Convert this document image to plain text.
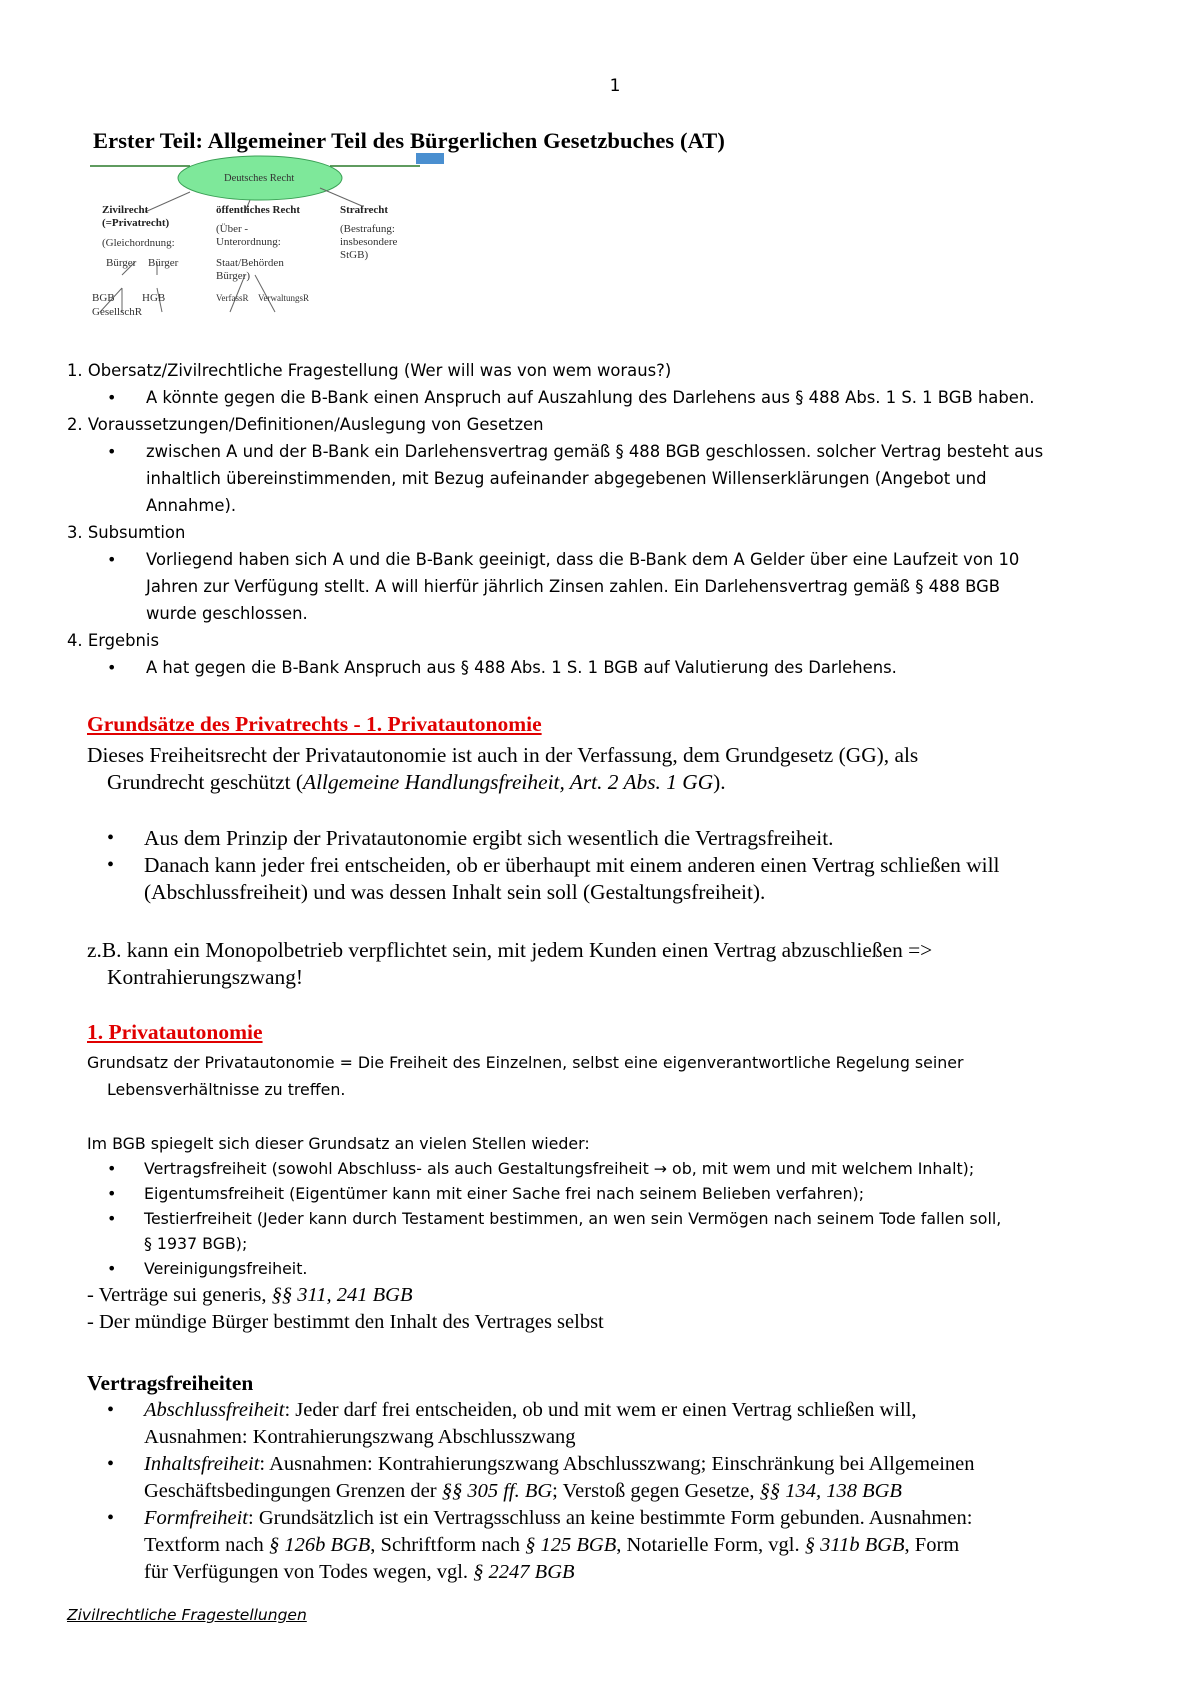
1
Erster Teil: Allgemeiner Teil des Bürgerlichen Gesetzbuches (AT)
Deutsches Recht
Zivilrecht
(=Privatrecht)
(Gleichordnung:
Bürger Bürger
BGB HGB
GesellschR
öffentliches Recht
(Über -
Unterordnung:
Staat/Behörden
Bürger)
VerfassR VerwaltungsR
Strafrecht
(Bestrafung:
insbesondere
StGB)
1. Obersatz/Zivilrechtliche Fragestellung (Wer will was von wem woraus?)
• A könnte gegen die B-Bank einen Anspruch auf Auszahlung des Darlehens aus § 488 Abs. 1 S. 1 BGB haben.
2. Voraussetzungen/Definitionen/Auslegung von Gesetzen
• zwischen A und der B-Bank ein Darlehensvertrag gemäß § 488 BGB geschlossen. solcher Vertrag besteht aus
inhaltlich übereinstimmenden, mit Bezug aufeinander abgegebenen Willenserklärungen (Angebot und
Annahme).
3. Subsumtion
• Vorliegend haben sich A und die B-Bank geeinigt, dass die B-Bank dem A Gelder über eine Laufzeit von 10
Jahren zur Verfügung stellt. A will hierfür jährlich Zinsen zahlen. Ein Darlehensvertrag gemäß § 488 BGB
wurde geschlossen.
4. Ergebnis
• A hat gegen die B-Bank Anspruch aus § 488 Abs. 1 S. 1 BGB auf Valutierung des Darlehens.
Grundsätze des Privatrechts - 1. Privatautonomie
Dieses Freiheitsrecht der Privatautonomie ist auch in der Verfassung, dem Grundgesetz (GG), als
Grundrecht geschützt (Allgemeine Handlungsfreiheit, Art. 2 Abs. 1 GG).
• Aus dem Prinzip der Privatautonomie ergibt sich wesentlich die Vertragsfreiheit.
• Danach kann jeder frei entscheiden, ob er überhaupt mit einem anderen einen Vertrag schließen will
(Abschlussfreiheit) und was dessen Inhalt sein soll (Gestaltungsfreiheit).
z.B. kann ein Monopolbetrieb verpflichtet sein, mit jedem Kunden einen Vertrag abzuschließen =>
Kontrahierungszwang!
1. Privatautonomie
Grundsatz der Privatautonomie = Die Freiheit des Einzelnen, selbst eine eigenverantwortliche Regelung seiner
Lebensverhältnisse zu treffen.
Im BGB spiegelt sich dieser Grundsatz an vielen Stellen wieder:
• Vertragsfreiheit (sowohl Abschluss- als auch Gestaltungsfreiheit → ob, mit wem und mit welchem Inhalt);
• Eigentumsfreiheit (Eigentümer kann mit einer Sache frei nach seinem Belieben verfahren);
• Testierfreiheit (Jeder kann durch Testament bestimmen, an wen sein Vermögen nach seinem Tode fallen soll,
§ 1937 BGB);
• Vereinigungsfreiheit.
- Verträge sui generis, §§ 311, 241 BGB
- Der mündige Bürger bestimmt den Inhalt des Vertrages selbst
Vertragsfreiheiten
• Abschlussfreiheit: Jeder darf frei entscheiden, ob und mit wem er einen Vertrag schließen will,
Ausnahmen: Kontrahierungszwang Abschlusszwang
• Inhaltsfreiheit: Ausnahmen: Kontrahierungszwang Abschlusszwang; Einschränkung bei Allgemeinen
Geschäftsbedingungen Grenzen der §§ 305 ff. BG; Verstoß gegen Gesetze, §§ 134, 138 BGB
• Formfreiheit: Grundsätzlich ist ein Vertragsschluss an keine bestimmte Form gebunden. Ausnahmen:
Textform nach § 126b BGB, Schriftform nach § 125 BGB, Notarielle Form, vgl. § 311b BGB, Form
für Verfügungen von Todes wegen, vgl. § 2247 BGB
Zivilrechtliche Fragestellungen
